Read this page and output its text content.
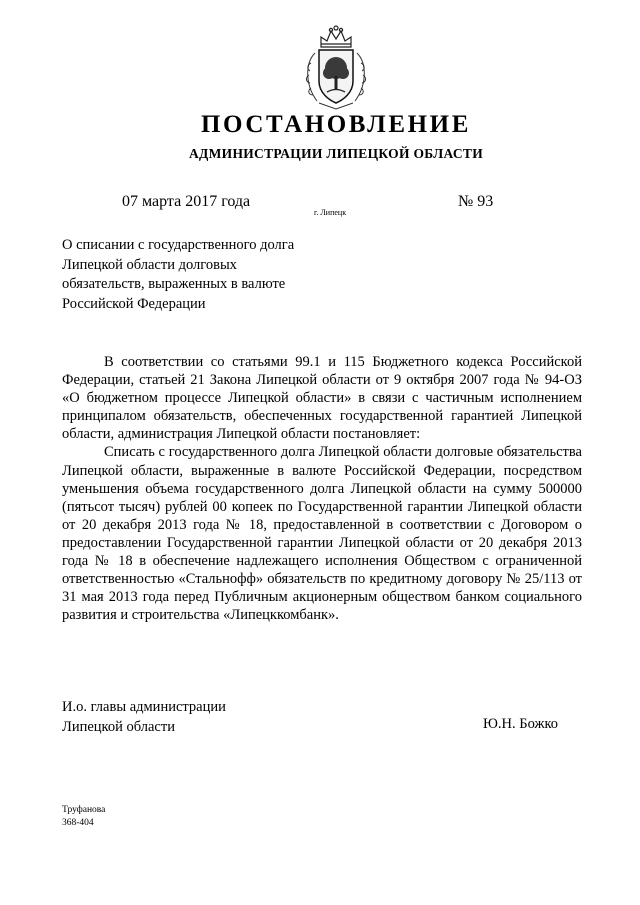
ПОСТАНОВЛЕНИЕ
АДМИНИСТРАЦИИ ЛИПЕЦКОЙ ОБЛАСТИ
07 марта 2017 года
г. Липецк
№ 93
О списании с государственного долга
Липецкой области долговых
обязательств, выраженных в валюте
Российской Федерации

В соответствии со статьями 99.1 и 115 Бюджетного кодекса Российской Федерации, статьей 21 Закона Липецкой области от 9 октября 2007 года № 94-ОЗ «О бюджетном процессе Липецкой области» в связи с частичным исполнением принципалом обязательств, обеспеченных государственной гарантией Липецкой области, администрация Липецкой области постановляет:

Списать с государственного долга Липецкой области долговые обязательства Липецкой области, выраженные в валюте Российской Федерации, посредством уменьшения объема государственного долга Липецкой области на сумму 500000 (пятьсот тысяч) рублей 00 копеек по Государственной гарантии Липецкой области от 20 декабря 2013 года № 18, предоставленной в соответствии с Договором о предоставлении Государственной гарантии Липецкой области от 20 декабря 2013 года № 18 в обеспечение надлежащего исполнения Обществом с ограниченной ответственностью «Стальнофф» обязательств по кредитному договору № 25/113 от 31 мая 2013 года перед Публичным акционерным обществом банком социального развития и строительства «Липецккомбанк».

И.о. главы администрации
Липецкой области	Ю.Н. Божко
Труфанова
368-404
